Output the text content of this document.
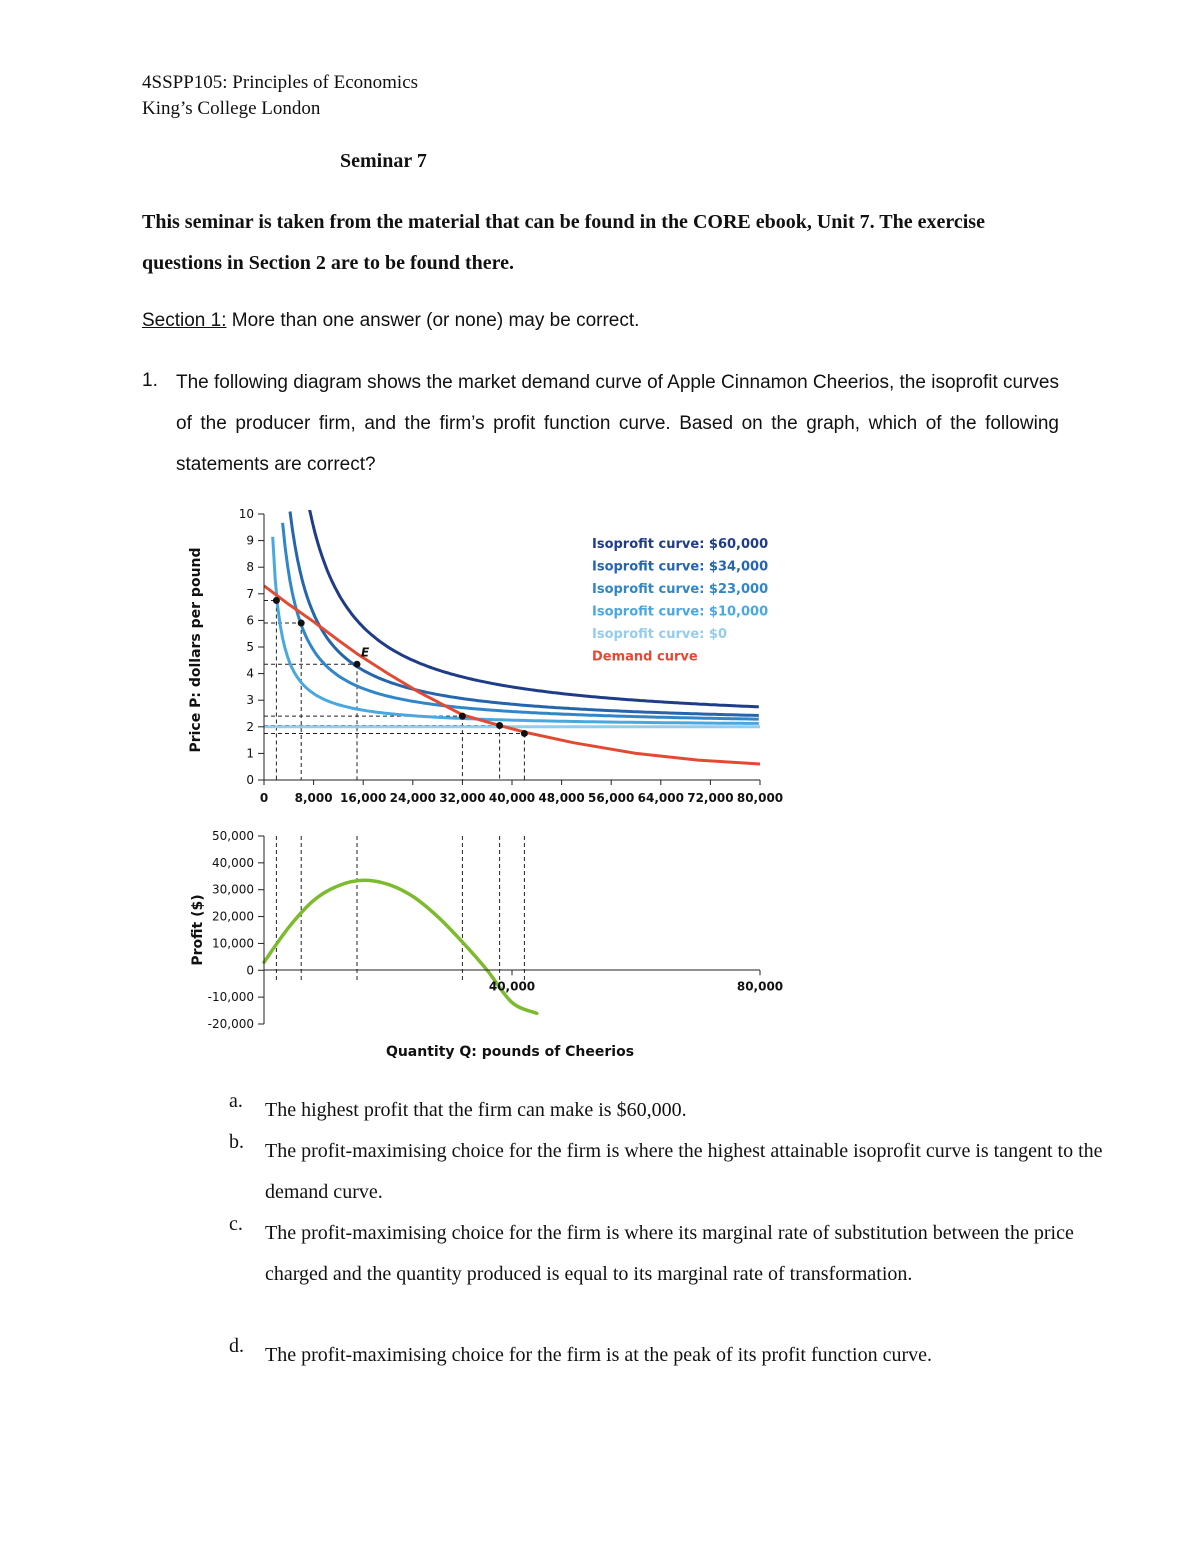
4SSPP105: Principles of Economics
King’s College London
Seminar 7
This seminar is taken from the material that can be found in the CORE ebook, Unit 7. The exercise questions in Section 2 are to be found there.
Section 1: More than one answer (or none) may be correct.
1. The following diagram shows the market demand curve of Apple Cinnamon Cheerios, the isoprofit curves of the producer firm, and the firm’s profit function curve. Based on the graph, which of the following statements are correct?
E
0
1
2
3
4
5
6
7
8
9
10
0 8,000 16,000 24,000 32,000 40,000 48,000 56,000 64,000 72,000 80,000
Price P: dollars per pound
Isoprofit curve: $60,000
Isoprofit curve: $34,000
Isoprofit curve: $23,000
Isoprofit curve: $10,000
Isoprofit curve: $0
Demand curve
50,000
40,000
30,000
20,000
10,000
0
-10,000
-20,000
40,000	80,000
Profit ($)
Quantity Q: pounds of Cheerios
a. The highest profit that the firm can make is $60,000.
b. The profit-maximising choice for the firm is where the highest attainable isoprofit curve is tangent to the demand curve.
c. The profit-maximising choice for the firm is where its marginal rate of substitution between the price charged and the quantity produced is equal to its marginal rate of transformation.
d. The profit-maximising choice for the firm is at the peak of its profit function curve.
